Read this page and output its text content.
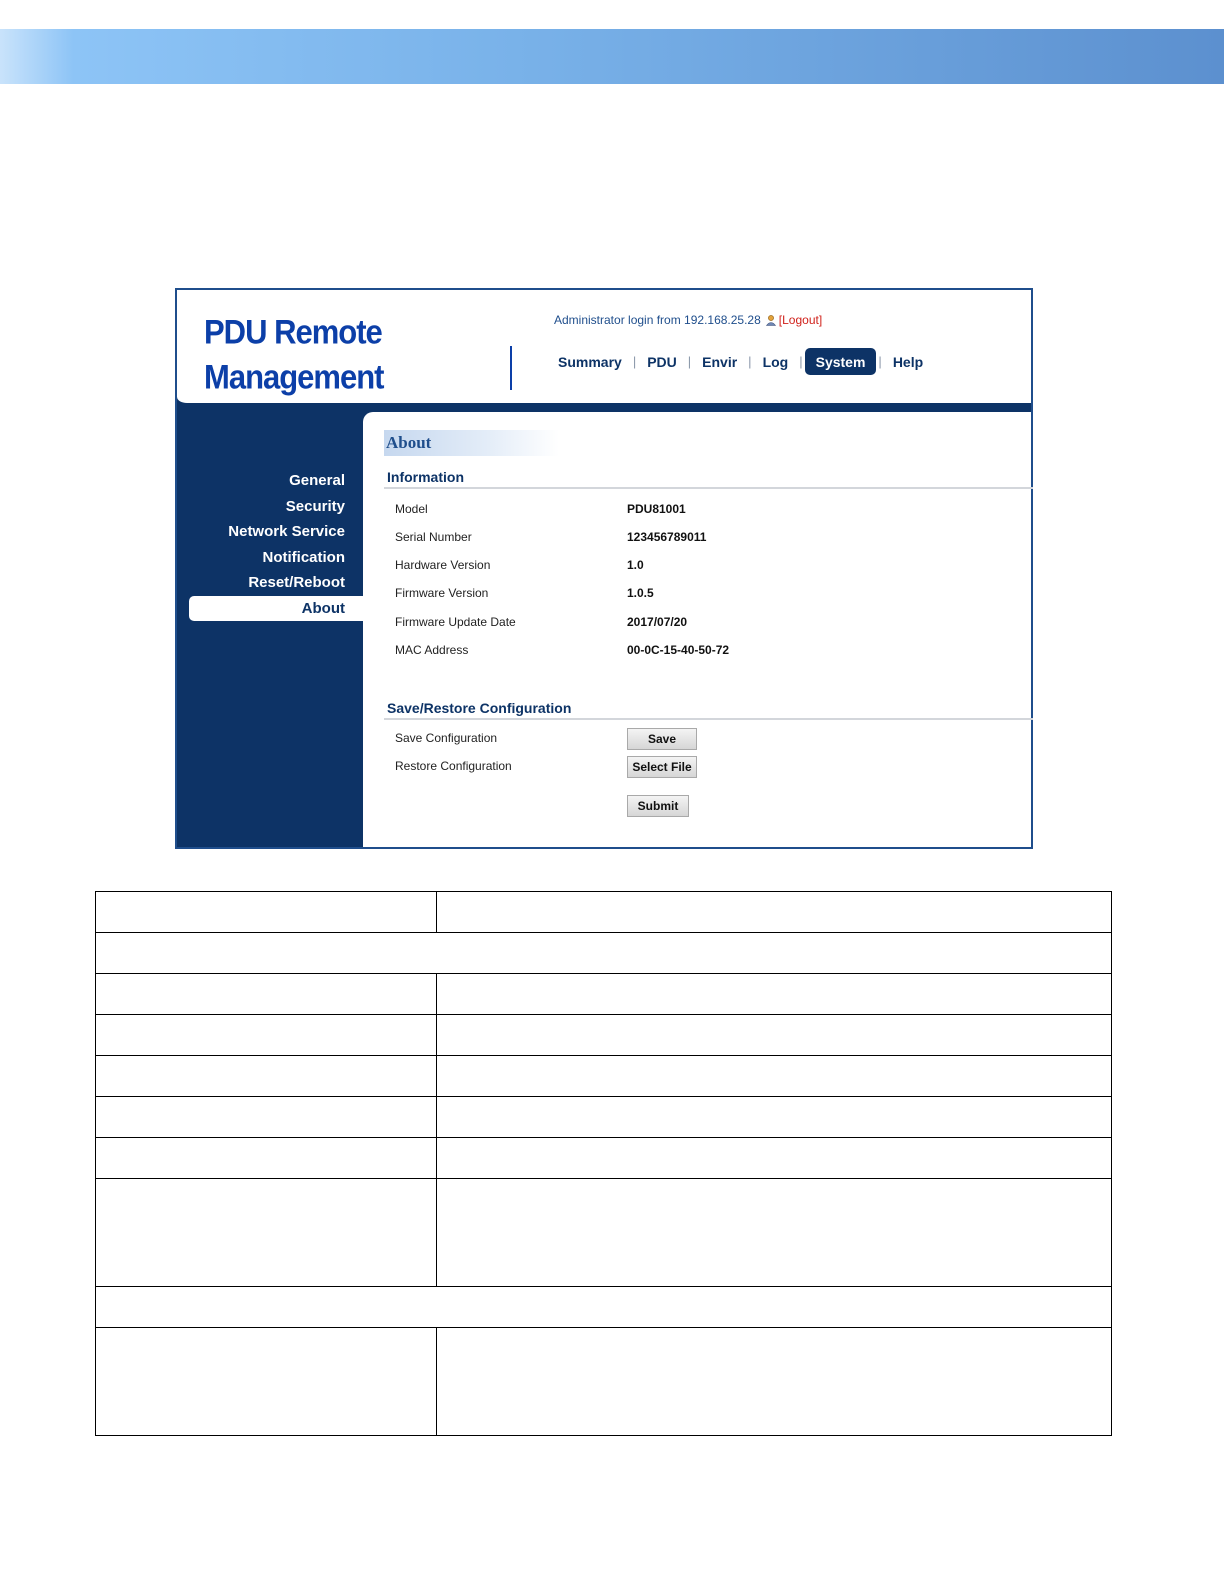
PDU Remote
Management
Administrator login from 192.168.25.28 [Logout]
Summary | PDU | Envir | Log | System	| Help
General
Security
Network Service
Notification
Reset/Reboot
About
About
Information
Model	PDU81001
Serial Number	123456789011
Hardware Version	1.0
Firmware Version	1.0.5
Firmware Update Date	2017/07/20
MAC Address	00-0C-15-40-50-72
Save/Restore Configuration
Save Configuration	Save
Restore Configuration	Select File
Submit
